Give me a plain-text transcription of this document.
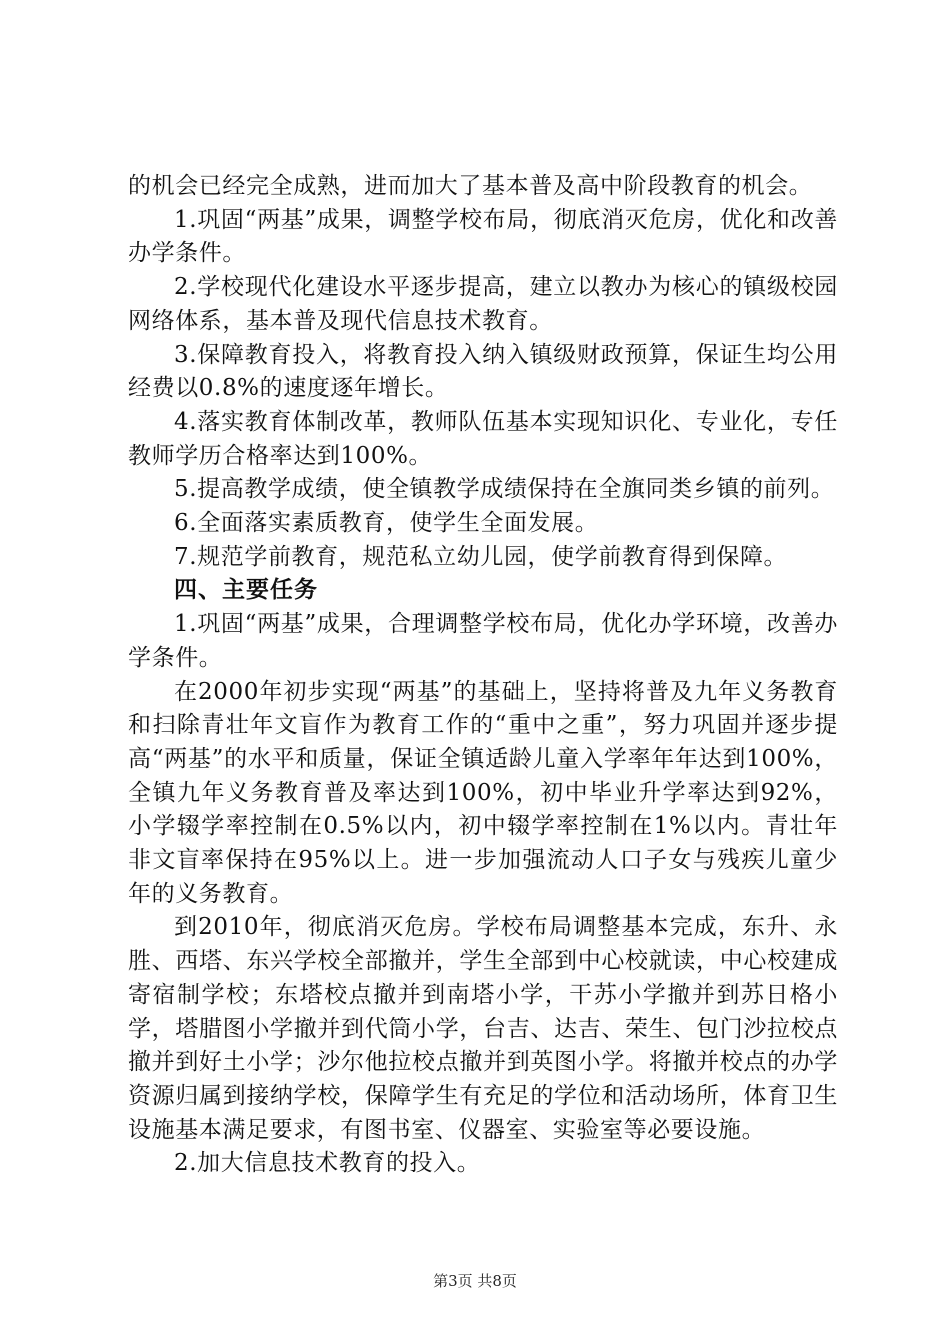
的机会已经完全成熟，进而加大了基本普及高中阶段教育的机会。

1.巩固“两基”成果，调整学校布局，彻底消灭危房，优化和改善办学条件。

2.学校现代化建设水平逐步提高，建立以教办为核心的镇级校园网络体系，基本普及现代信息技术教育。

3.保障教育投入，将教育投入纳入镇级财政预算，保证生均公用经费以0.8%的速度逐年增长。

4.落实教育体制改革，教师队伍基本实现知识化、专业化，专任教师学历合格率达到100%。

5.提高教学成绩，使全镇教学成绩保持在全旗同类乡镇的前列。

6.全面落实素质教育，使学生全面发展。

7.规范学前教育，规范私立幼儿园，使学前教育得到保障。

四、主要任务

1.巩固“两基”成果，合理调整学校布局，优化办学环境，改善办学条件。

在2000年初步实现“两基”的基础上，坚持将普及九年义务教育和扫除青壮年文盲作为教育工作的“重中之重”，努力巩固并逐步提高“两基”的水平和质量，保证全镇适龄儿童入学率年年达到100%，全镇九年义务教育普及率达到100%，初中毕业升学率达到92%，小学辍学率控制在0.5%以内，初中辍学率控制在1%以内。青壮年非文盲率保持在95%以上。进一步加强流动人口子女与残疾儿童少年的义务教育。

到2010年，彻底消灭危房。学校布局调整基本完成，东升、永胜、西塔、东兴学校全部撤并，学生全部到中心校就读，中心校建成寄宿制学校；东塔校点撤并到南塔小学，干苏小学撤并到苏日格小学，塔腊图小学撤并到代筒小学，台吉、达吉、荣生、包门沙拉校点撤并到好土小学；沙尔他拉校点撤并到英图小学。将撤并校点的办学资源归属到接纳学校，保障学生有充足的学位和活动场所，体育卫生设施基本满足要求，有图书室、仪器室、实验室等必要设施。

2.加大信息技术教育的投入。

第3页 共8页
